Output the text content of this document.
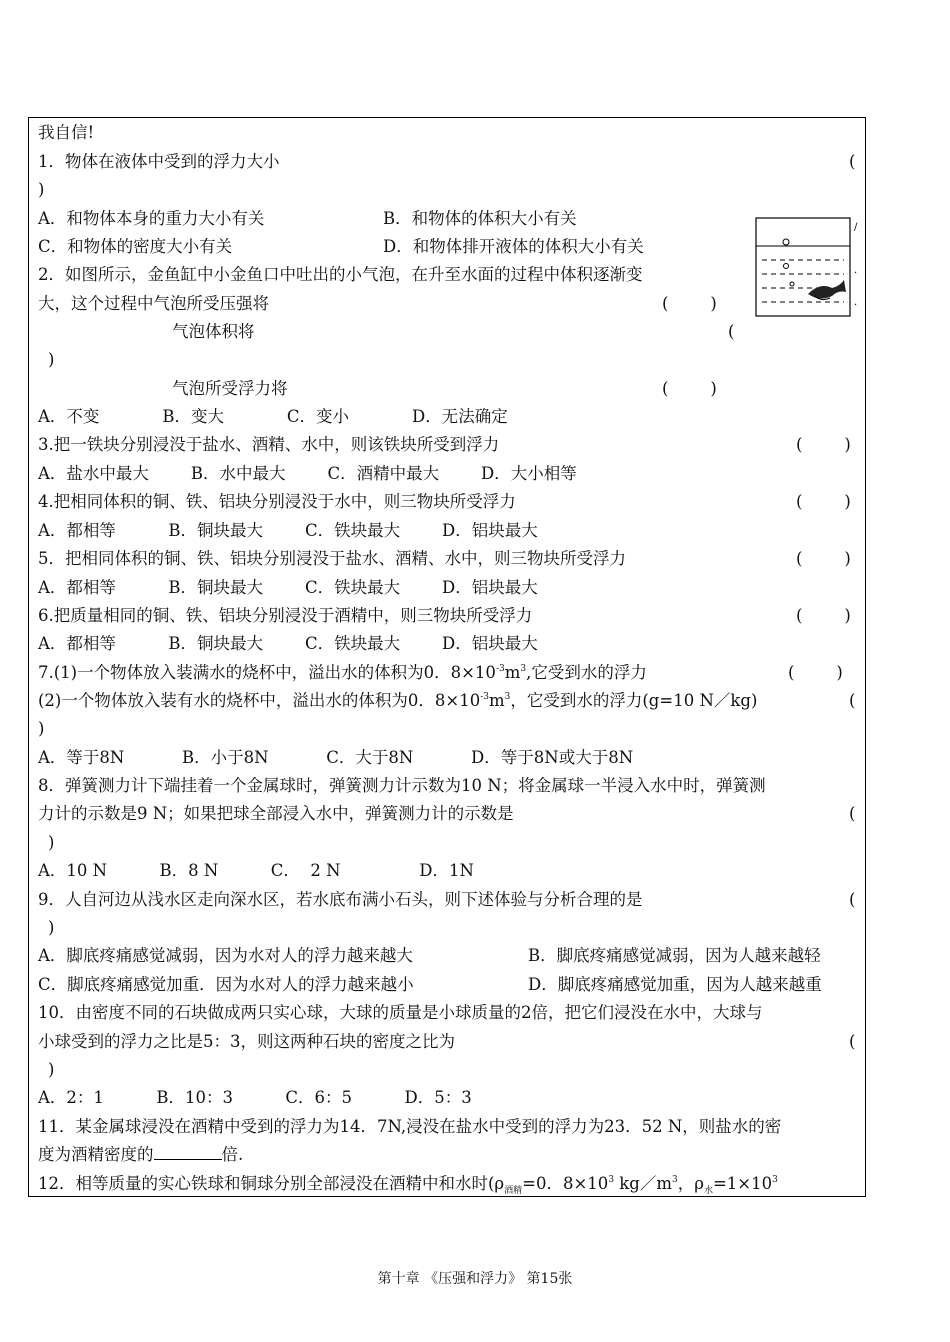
/
·
·
我自信!
1．物体在液体中受到的浮力大小	(
)
A．和物体本身的重力大小有关	B．和物体的体积大小有关
C．和物体的密度大小有关	D．和物体排开液体的体积大小有关
2．如图所示，金鱼缸中小金鱼口中吐出的小气泡，在升至水面的过程中体积逐渐变
大，这个过程中气泡所受压强将	(        )
气泡体积将	(
)
气泡所受浮力将	(        )
A．不变            B．变大            C．变小            D．无法确定
3.把一铁块分别浸没于盐水、酒精、水中，则该铁块所受到浮力	(        )
A．盐水中最大        B．水中最大        C．酒精中最大        D．大小相等
4.把相同体积的铜、铁、铝块分别浸没于水中，则三物块所受浮力	(        )
A．都相等          B．铜块最大        C．铁块最大        D．铝块最大
5．把相同体积的铜、铁、铝块分别浸没于盐水、酒精、水中，则三物块所受浮力	(        )
A．都相等          B．铜块最大        C．铁块最大        D．铝块最大
6.把质量相同的铜、铁、铝块分别浸没于酒精中，则三物块所受浮力	(        )
A．都相等          B．铜块最大        C．铁块最大        D．铝块最大
7.(1)一个物体放入装满水的烧杯中，溢出水的体积为0．$8\times 10^{-3}m^3$,它受到水的浮力	(        )
(2)一个物体放入装有水的烧杯中，溢出水的体积为0．$8\times 10^{-3}m^3$，它受到水的浮力(g=10 N／kg)	(
)
A．等于8N           B．小于8N           C．大于8N           D．等于8N或大于8N
8．弹簧测力计下端挂着一个金属球时，弹簧测力计示数为10 N；将金属球一半浸入水中时，弹簧测
力计的示数是9 N；如果把球全部浸入水中，弹簧测力计的示数是	(
)
A．10 N          B．8 N          C．  2 N               D．1N
9．人自河边从浅水区走向深水区，若水底布满小石头，则下述体验与分析合理的是	(
)
A．脚底疼痛感觉减弱，因为水对人的浮力越来越大	B．脚底疼痛感觉减弱，因为人越来越轻
C．脚底疼痛感觉加重．因为水对人的浮力越来越小	D．脚底疼痛感觉加重，因为人越来越重
10．由密度不同的石块做成两只实心球，大球的质量是小球质量的2倍，把它们浸没在水中，大球与
小球受到的浮力之比是5：3，则这两种石块的密度之比为	(
)
A．2：1          B．10：3          C．6：5          D．5：3
11．某金属球浸没在酒精中受到的浮力为14．7N,浸没在盐水中受到的浮力为23．52 N，则盐水的密
度为酒精密度的	倍.
12．相等质量的实心铁球和铜球分别全部浸没在酒精中和水时($\rho_{酒精}=0$．$8\times 10^3$ $kg/m^3$，$\rho_水=1\times 10^3$
第十章 《压强和浮力》 第15张
